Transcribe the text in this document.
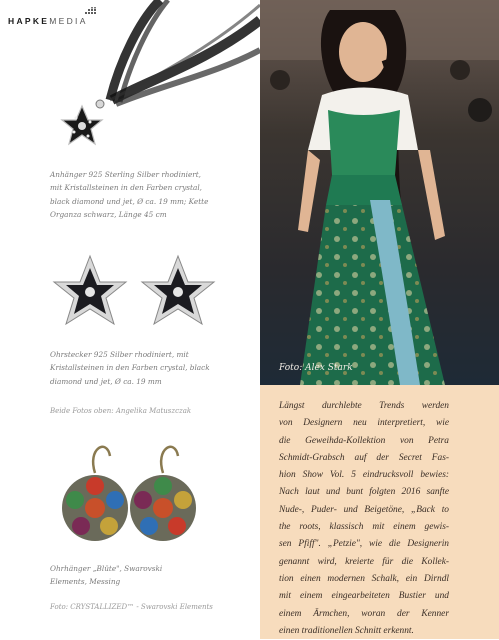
HAPKE MEDIA
Anhänger 925 Sterling Silber rhodiniert,
mit Kristallsteinen in den Farben crystal,
black diamond und jet, Ø ca. 19 mm; Kette
Organza schwarz, Länge 45 cm
Ohrstecker 925 Silber rhodiniert, mit
Kristallsteinen in den Farben crystal, black
diamond und jet, Ø ca. 19 mm
Beide Fotos oben: Angelika Matuszczak
Ohrhänger „Blüte", Swarovski
Elements, Messing
Foto: CRYSTALLIZED™ - Swarovski Elements
Foto: Alex Stark
Längst durchlebte Trends werden
von Designern neu interpretiert, wie
die Geweihda-Kollektion von Petra
Schmidt-Grabsch auf der Secret Fas-
hion Show Vol. 5 eindrucksvoll bewies:
Nach laut und bunt folgten 2016 sanfte
Nude-, Puder- und Beigetöne, „Back to
the roots, klassisch mit einem gewis-
sen Pfiff". „Petzie", wie die Designerin
genannt wird, kreierte für die Kollek-
tion einen modernen Schalk, ein Dirndl
mit einem eingearbeiteten Bustier und
einem Ärmchen, woran der Kenner
einen traditionellen Schnitt erkennt.
